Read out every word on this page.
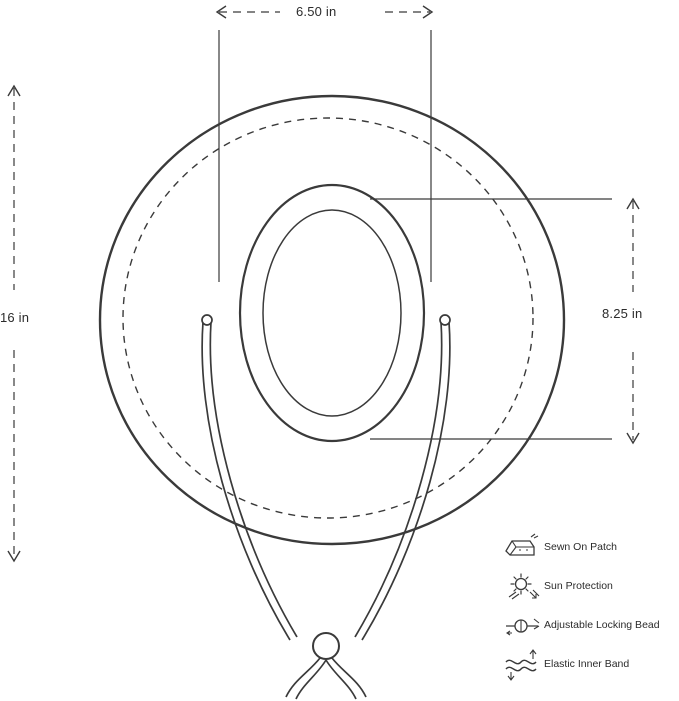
6.50 in
16 in	8.25 in
Sewn On Patch
Sun Protection
Adjustable Locking Bead
Elastic Inner Band
